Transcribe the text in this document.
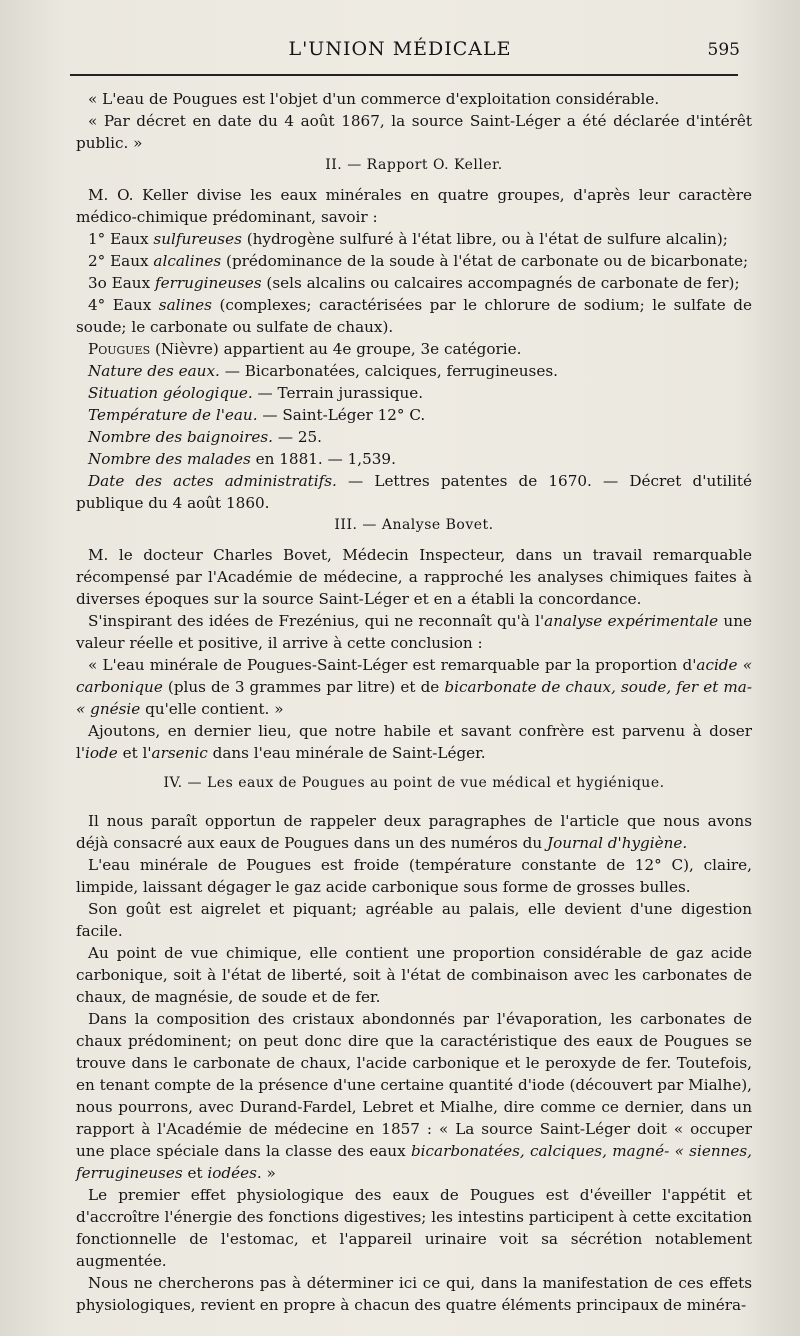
L'UNION MÉDICALE	595

« L'eau de Pougues est l'objet d'un commerce d'exploitation considérable.

« Par décret en date du 4 août 1867, la source Saint-Léger a été déclarée d'intérêt public. »

II. — Rapport O. Keller.

M. O. Keller divise les eaux minérales en quatre groupes, d'après leur caractère médico-chimique prédominant, savoir :

1° Eaux sulfureuses (hydrogène sulfuré à l'état libre, ou à l'état de sulfure alcalin);

2° Eaux alcalines (prédominance de la soude à l'état de carbonate ou de bicarbonate;

3o Eaux ferrugineuses (sels alcalins ou calcaires accompagnés de carbonate de fer);

4° Eaux salines (complexes; caractérisées par le chlorure de sodium; le sulfate de soude; le carbonate ou sulfate de chaux).

Pougues (Nièvre) appartient au 4e groupe, 3e catégorie.

Nature des eaux. — Bicarbonatées, calciques, ferrugineuses.

Situation géologique. — Terrain jurassique.

Température de l'eau. — Saint-Léger 12° C.

Nombre des baignoires. — 25.

Nombre des malades en 1881. — 1,539.

Date des actes administratifs. — Lettres patentes de 1670. — Décret d'utilité publique du 4 août 1860.

III. — Analyse Bovet.

M. le docteur Charles Bovet, Médecin Inspecteur, dans un travail remarquable récompensé par l'Académie de médecine, a rapproché les analyses chimiques faites à diverses époques sur la source Saint-Léger et en a établi la concordance.

S'inspirant des idées de Frezénius, qui ne reconnaît qu'à l'analyse expérimentale une valeur réelle et positive, il arrive à cette conclusion :

« L'eau minérale de Pougues-Saint-Léger est remarquable par la proportion d'acide « carbonique (plus de 3 grammes par litre) et de bicarbonate de chaux, soude, fer et ma- « gnésie qu'elle contient. »

Ajoutons, en dernier lieu, que notre habile et savant confrère est parvenu à doser l'iode et l'arsenic dans l'eau minérale de Saint-Léger.

IV. — Les eaux de Pougues au point de vue médical et hygiénique.

Il nous paraît opportun de rappeler deux paragraphes de l'article que nous avons déjà consacré aux eaux de Pougues dans un des numéros du Journal d'hygiène.

L'eau minérale de Pougues est froide (température constante de 12° C), claire, limpide, laissant dégager le gaz acide carbonique sous forme de grosses bulles.

Son goût est aigrelet et piquant; agréable au palais, elle devient d'une digestion facile.

Au point de vue chimique, elle contient une proportion considérable de gaz acide carbonique, soit à l'état de liberté, soit à l'état de combinaison avec les carbonates de chaux, de magnésie, de soude et de fer.

Dans la composition des cristaux abondonnés par l'évaporation, les carbonates de chaux prédominent; on peut donc dire que la caractéristique des eaux de Pougues se trouve dans le carbonate de chaux, l'acide carbonique et le peroxyde de fer. Toutefois, en tenant compte de la présence d'une certaine quantité d'iode (découvert par Mialhe), nous pourrons, avec Durand-Fardel, Lebret et Mialhe, dire comme ce dernier, dans un rapport à l'Académie de médecine en 1857 : « La source Saint-Léger doit « occuper une place spéciale dans la classe des eaux bicarbonatées, calciques, magné- « siennes, ferrugineuses et iodées. »

Le premier effet physiologique des eaux de Pougues est d'éveiller l'appétit et d'accroître l'énergie des fonctions digestives; les intestins participent à cette excitation fonctionnelle de l'estomac, et l'appareil urinaire voit sa sécrétion notablement augmentée.

Nous ne chercherons pas à déterminer ici ce qui, dans la manifestation de ces effets physiologiques, revient en propre à chacun des quatre éléments principaux de minéra-
